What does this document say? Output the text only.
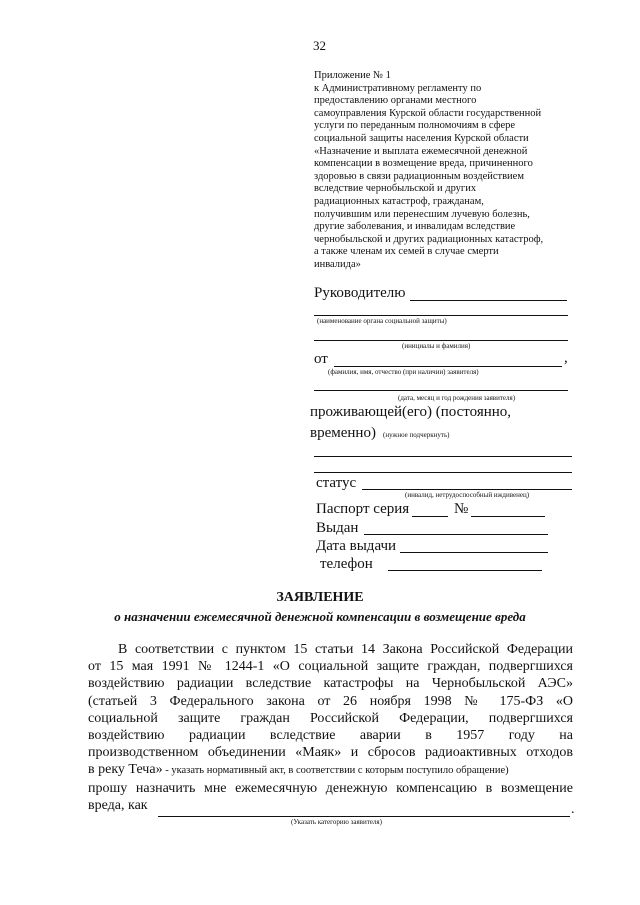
32
Приложение № 1
к Административному регламенту по
предоставлению органами местного
самоуправления Курской области государственной
услуги по переданным полномочиям в сфере
социальной защиты населения Курской области
«Назначение и выплата ежемесячной денежной
компенсации в возмещение вреда, причиненного
здоровью в связи радиационным воздействием
вследствие чернобыльской и других
радиационных катастроф, гражданам,
получившим или перенесшим лучевую болезнь,
другие заболевания, и инвалидам вследствие
чернобыльской и других радиационных катастроф,
а также членам их семей в случае смерти
инвалида»
Руководителю
(наименование органа социальной защиты)
(инициалы и фамилия)
от	,
(фамилия, имя, отчество (при наличии) заявителя)
(дата, месяц и год рождения заявителя)
проживающей(его) (постоянно,
временно) (нужное подчеркнуть)
статус
(инвалид, нетрудоспособный иждивенец)
Паспорт серия	№
Выдан
Дата выдачи
телефон
ЗАЯВЛЕНИЕ
о назначении ежемесячной денежной компенсации в возмещение вреда
В соответствии с пунктом 15 статьи 14 Закона Российской Федерации
от 15 мая 1991 № 1244-1 «О социальной защите граждан, подвергшихся
воздействию радиации вследствие катастрофы на Чернобыльской АЭС»
(статьей 3 Федерального закона от 26 ноября 1998 № 175-ФЗ «О
социальной защите граждан Российской Федерации, подвергшихся
воздействию радиации вследствие аварии в 1957 году на
производственном объединении «Маяк» и сбросов радиоактивных отходов
в реку Теча» - указать нормативный акт, в соответствии с которым поступило обращение)
прошу назначить мне ежемесячную денежную компенсацию в возмещение
вреда, как	.
(Указать категорию заявителя)
